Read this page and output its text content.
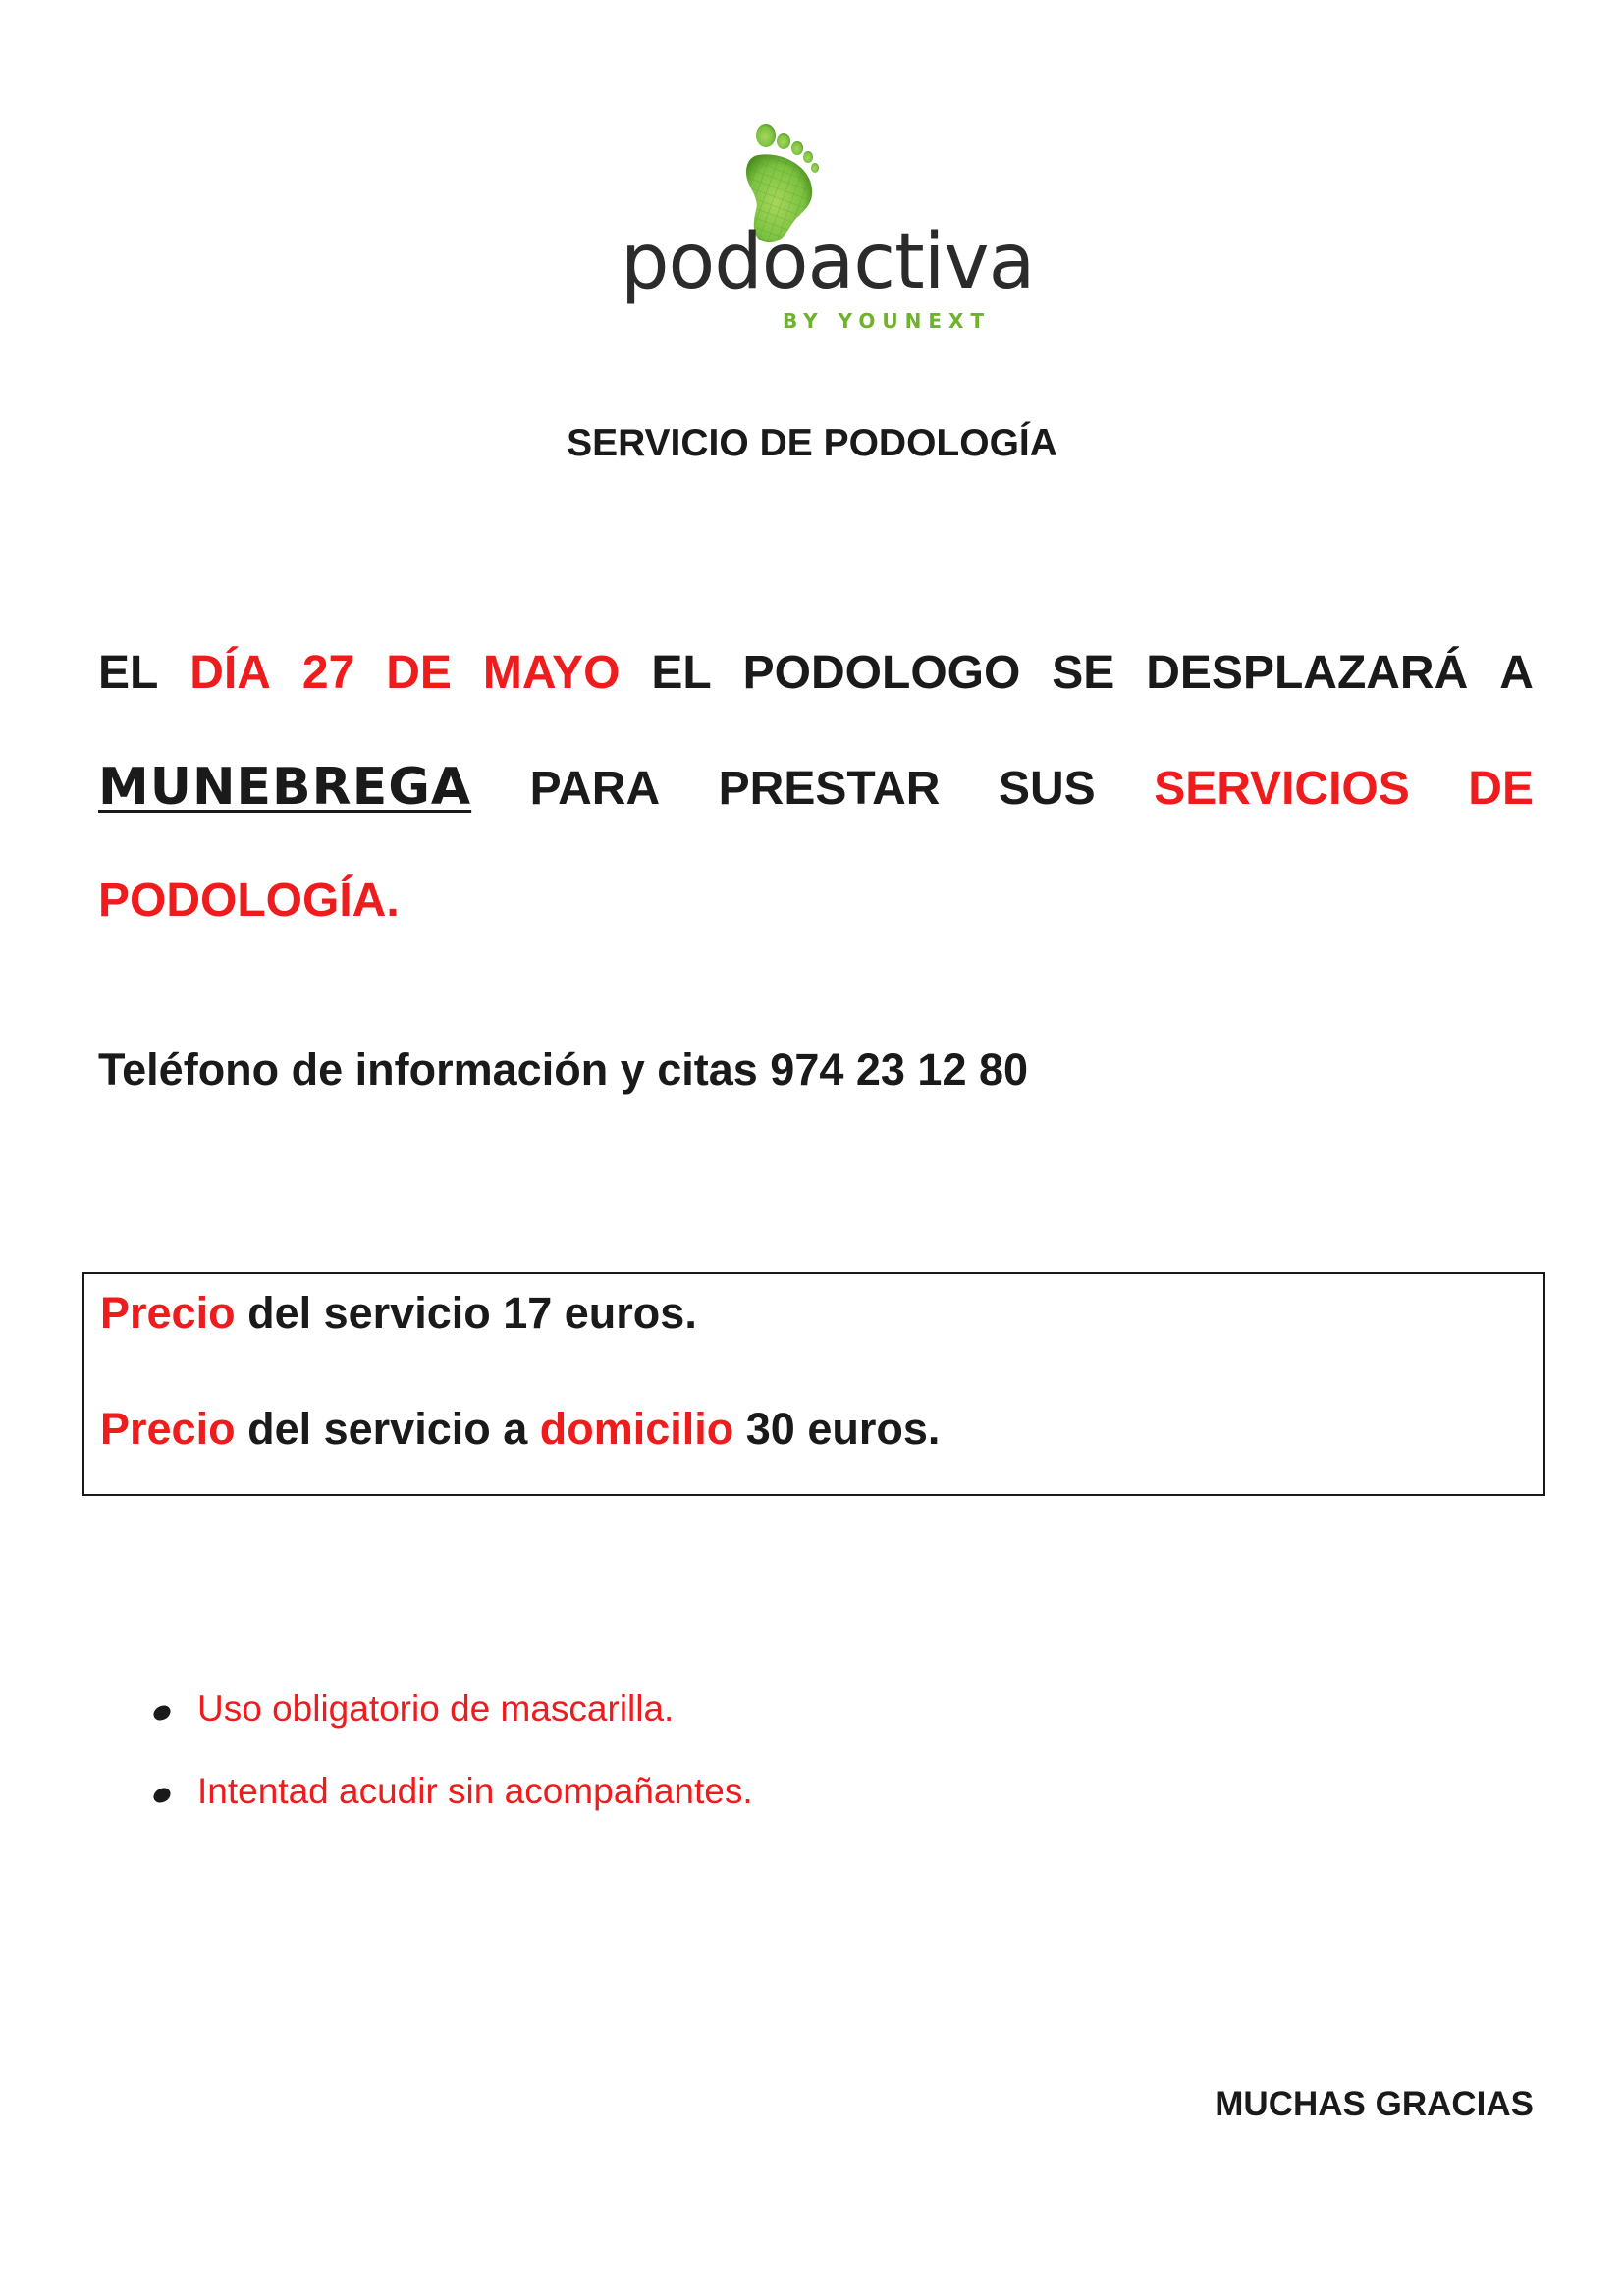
podoactiva
BY YOUNEXT
SERVICIO DE PODOLOGÍA
EL DÍA 27 DE MAYO EL PODOLOGO SE DESPLAZARÁ A
MUNEBREGA PARA PRESTAR SUS SERVICIOS DE
PODOLOGÍA.
Teléfono de información y citas 974 23 12 80
Precio del servicio 17 euros.
Precio del servicio a domicilio 30 euros.
Uso obligatorio de mascarilla.
Intentad acudir sin acompañantes.
MUCHAS GRACIAS
